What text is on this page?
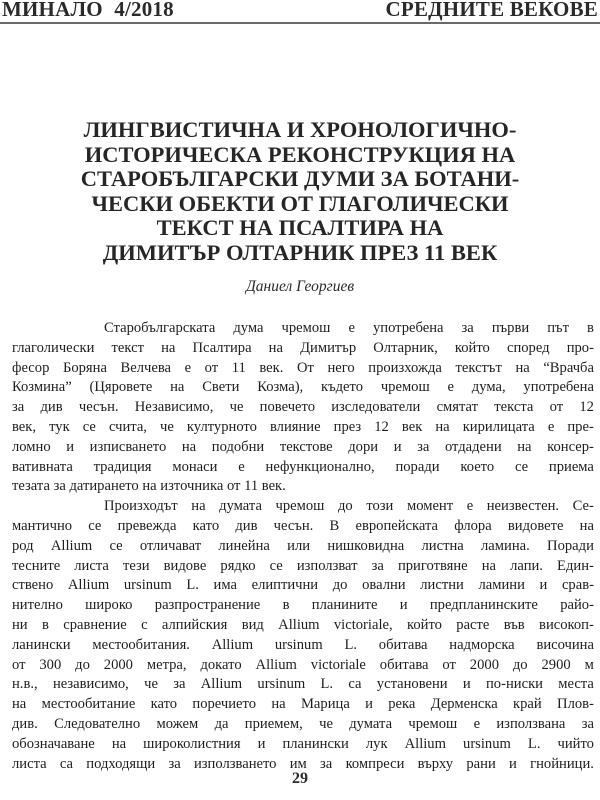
МИНАЛО 4/2018	СРЕДНИТЕ ВЕКОВЕ
ЛИНГВИСТИЧНА И ХРОНОЛОГИЧНО-
ИСТОРИЧЕСКА РЕКОНСТРУКЦИЯ НА
СТАРОБЪЛГАРСКИ ДУМИ ЗА БОТАНИ-
ЧЕСКИ ОБЕКТИ ОТ ГЛАГОЛИЧЕСКИ
ТЕКСТ НА ПСАЛТИРА НА
ДИМИТЪР ОЛТАРНИК ПРЕЗ 11 ВЕК
Даниел Георгиев
Старобългарската дума чремош е употребена за първи път в
глаголически текст на Псалтира на Димитър Олтарник, който според про-
фесор Боряна Велчева е от 11 век. От него произхожда текстът на “Врачба
Козмина” (Цяровете на Свети Козма), където чремош е дума, употребена
за див чесън. Независимо, че повечето изследователи смятат текста от 12
век, тук се счита, че културното влияние през 12 век на кирилицата е пре-
ломно и изписването на подобни текстове дори и за отдадени на консер-
вативната традиция монаси е нефункционално, поради което се приема
тезата за датирането на източника от 11 век.
Произходът на думата чремош до този момент е неизвестен. Се-
мантично се превежда като див чесън. В европейската флора видовете на
род Allium се отличават линейна или нишковидна листна ламина. Поради
тесните листа тези видове рядко се използват за приготвяне на лапи. Един-
ствено Allium ursinum L. има елиптични до овални листни ламини и срав-
нително широко разпространение в планините и предпланинските райо-
ни в сравнение с алпийския вид Allium victoriale, който расте във високоп-
ланински местообитания. Allium ursinum L. обитава надморска височина
от 300 до 2000 метра, докато Allium victoriale обитава от 2000 до 2900 м
н.в., независимо, че за Allium ursinum L. са установени и по-ниски места
на местообитание като поречието на Марица и река Дерменска край Плов-
див. Следователно можем да приемем, че думата чремош е използвана за
обозначаване на широколистния и планински лук Allium ursinum L. чийто
листа са подходящи за използването им за компреси върху рани и гнойници.
29
